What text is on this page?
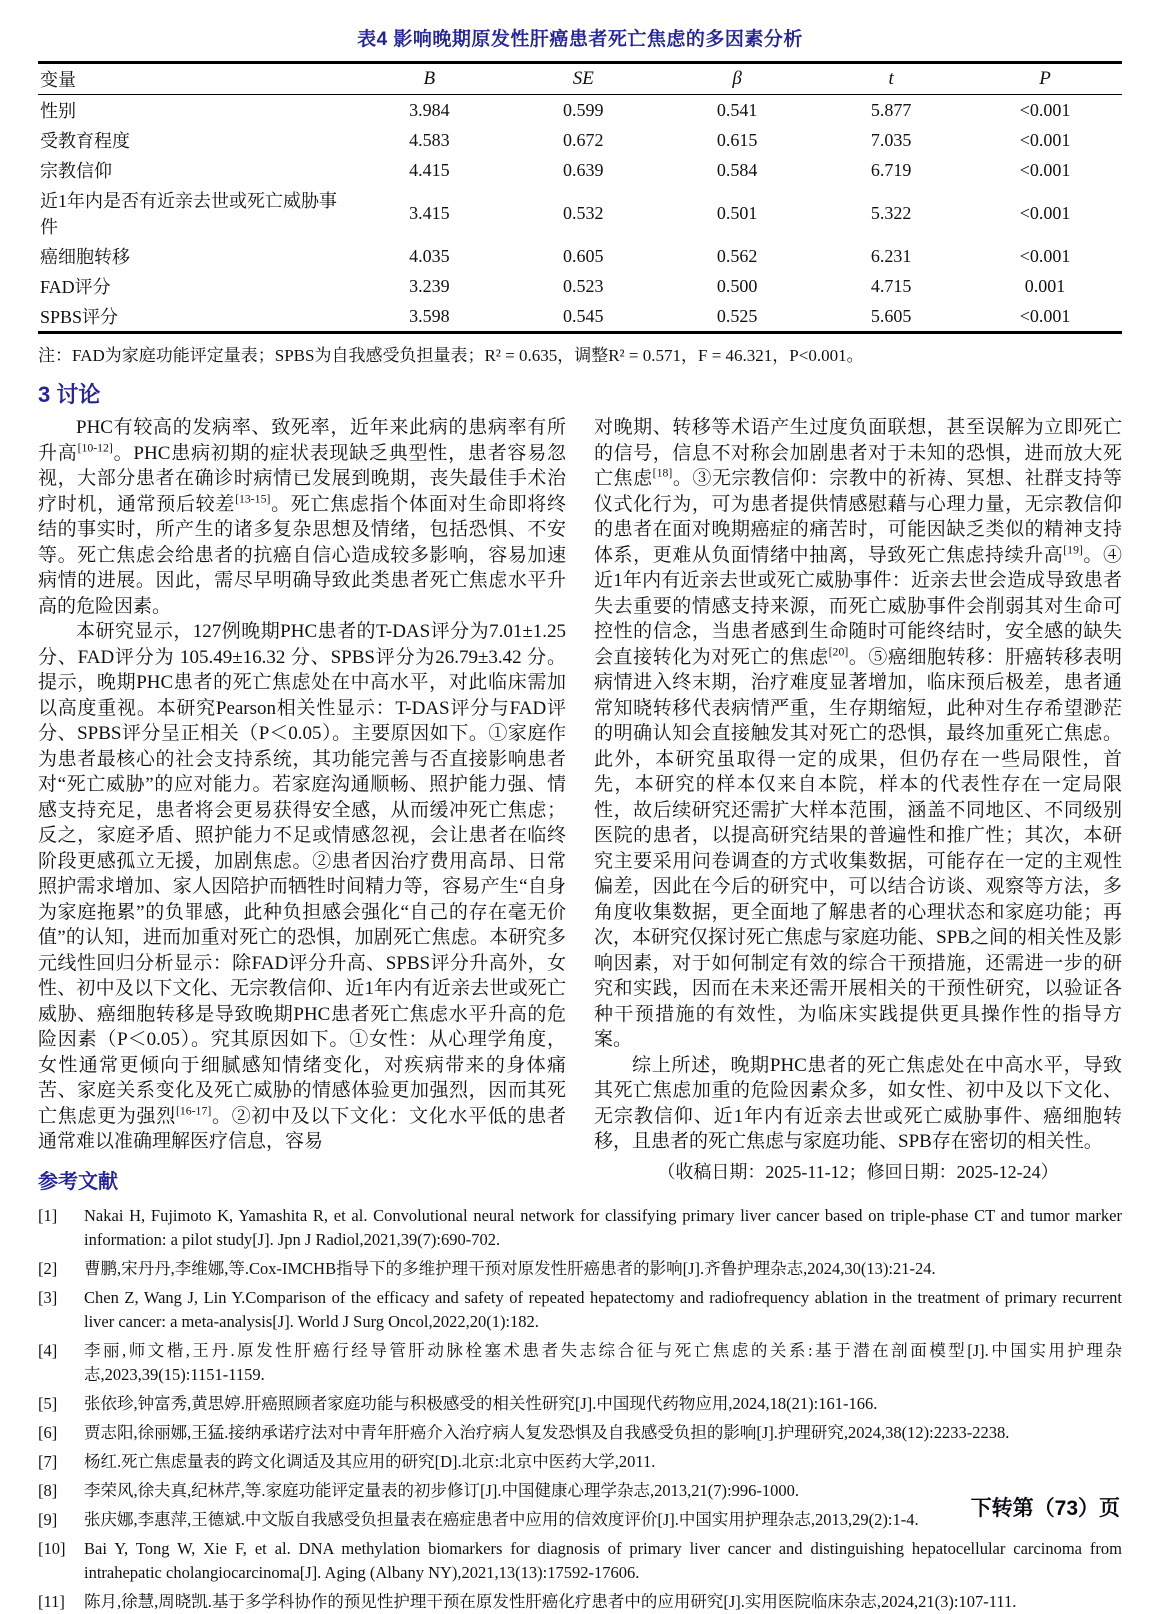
表4 影响晚期原发性肝癌患者死亡焦虑的多因素分析
变量	B	SE	β	t	P
性别	3.984	0.599	0.541	5.877	<0.001
受教育程度	4.583	0.672	0.615	7.035	<0.001
宗教信仰	4.415	0.639	0.584	6.719	<0.001
近1年内是否有近亲去世或死亡威胁事件	3.415	0.532	0.501	5.322	<0.001
癌细胞转移	4.035	0.605	0.562	6.231	<0.001
FAD评分	3.239	0.523	0.500	4.715	0.001
SPBS评分	3.598	0.545	0.525	5.605	<0.001
注：FAD为家庭功能评定量表；SPBS为自我感受负担量表；R² = 0.635，调整R² = 0.571，F = 46.321，P<0.001。
3 讨论

PHC有较高的发病率、致死率，近年来此病的患病率有所升高[10-12]。PHC患病初期的症状表现缺乏典型性，患者容易忽视，大部分患者在确诊时病情已发展到晚期，丧失最佳手术治疗时机，通常预后较差[13-15]。死亡焦虑指个体面对生命即将终结的事实时，所产生的诸多复杂思想及情绪，包括恐惧、不安等。死亡焦虑会给患者的抗癌自信心造成较多影响，容易加速病情的进展。因此，需尽早明确导致此类患者死亡焦虑水平升高的危险因素。

本研究显示，127例晚期PHC患者的T-DAS评分为7.01±1.25 分、FAD评分为 105.49±16.32 分、SPBS评分为26.79±3.42 分。提示，晚期PHC患者的死亡焦虑处在中高水平，对此临床需加以高度重视。本研究Pearson相关性显示：T-DAS评分与FAD评分、SPBS评分呈正相关（P＜0.05）。主要原因如下。①家庭作为患者最核心的社会支持系统，其功能完善与否直接影响患者对“死亡威胁”的应对能力。若家庭沟通顺畅、照护能力强、情感支持充足，患者将会更易获得安全感，从而缓冲死亡焦虑；反之，家庭矛盾、照护能力不足或情感忽视，会让患者在临终阶段更感孤立无援，加剧焦虑。②患者因治疗费用高昂、日常照护需求增加、家人因陪护而牺牲时间精力等，容易产生“自身为家庭拖累”的负罪感，此种负担感会强化“自己的存在毫无价值”的认知，进而加重对死亡的恐惧，加剧死亡焦虑。本研究多元线性回归分析显示：除FAD评分升高、SPBS评分升高外，女性、初中及以下文化、无宗教信仰、近1年内有近亲去世或死亡威胁、癌细胞转移是导致晚期PHC患者死亡焦虑水平升高的危险因素（P＜0.05）。究其原因如下。①女性：从心理学角度，女性通常更倾向于细腻感知情绪变化，对疾病带来的身体痛苦、家庭关系变化及死亡威胁的情感体验更加强烈，因而其死亡焦虑更为强烈[16-17]。②初中及以下文化：文化水平低的患者通常难以准确理解医疗信息，容易

对晚期、转移等术语产生过度负面联想，甚至误解为立即死亡的信号，信息不对称会加剧患者对于未知的恐惧，进而放大死亡焦虑[18]。③无宗教信仰：宗教中的祈祷、冥想、社群支持等仪式化行为，可为患者提供情感慰藉与心理力量，无宗教信仰的患者在面对晚期癌症的痛苦时，可能因缺乏类似的精神支持体系，更难从负面情绪中抽离，导致死亡焦虑持续升高[19]。④近1年内有近亲去世或死亡威胁事件：近亲去世会造成导致患者失去重要的情感支持来源，而死亡威胁事件会削弱其对生命可控性的信念，当患者感到生命随时可能终结时，安全感的缺失会直接转化为对死亡的焦虑[20]。⑤癌细胞转移：肝癌转移表明病情进入终末期，治疗难度显著增加，临床预后极差，患者通常知晓转移代表病情严重，生存期缩短，此种对生存希望渺茫的明确认知会直接触发其对死亡的恐惧，最终加重死亡焦虑。此外，本研究虽取得一定的成果，但仍存在一些局限性，首先，本研究的样本仅来自本院，样本的代表性存在一定局限性，故后续研究还需扩大样本范围，涵盖不同地区、不同级别医院的患者，以提高研究结果的普遍性和推广性；其次，本研究主要采用问卷调查的方式收集数据，可能存在一定的主观性偏差，因此在今后的研究中，可以结合访谈、观察等方法，多角度收集数据，更全面地了解患者的心理状态和家庭功能；再次，本研究仅探讨死亡焦虑与家庭功能、SPB之间的相关性及影响因素，对于如何制定有效的综合干预措施，还需进一步的研究和实践，因而在未来还需开展相关的干预性研究，以验证各种干预措施的有效性，为临床实践提供更具操作性的指导方案。

综上所述，晚期PHC患者的死亡焦虑处在中高水平，导致其死亡焦虑加重的危险因素众多，如女性、初中及以下文化、无宗教信仰、近1年内有近亲去世或死亡威胁事件、癌细胞转移，且患者的死亡焦虑与家庭功能、SPB存在密切的相关性。

（收稿日期：2025-11-12；修回日期：2025-12-24）
参考文献
[1]	Nakai H, Fujimoto K, Yamashita R, et al. Convolutional neural network for classifying primary liver cancer based on triple-phase CT and tumor marker information: a pilot study[J]. Jpn J Radiol,2021,39(7):690-702.
[2]	曹鹏,宋丹丹,李维娜,等.Cox-IMCHB指导下的多维护理干预对原发性肝癌患者的影响[J].齐鲁护理杂志,2024,30(13):21-24.
[3]	Chen Z, Wang J, Lin Y.Comparison of the efficacy and safety of repeated hepatectomy and radiofrequency ablation in the treatment of primary recurrent liver cancer: a meta-analysis[J]. World J Surg Oncol,2022,20(1):182.
[4]	李丽,师文楷,王丹.原发性肝癌行经导管肝动脉栓塞术患者失志综合征与死亡焦虑的关系:基于潜在剖面模型[J].中国实用护理杂志,2023,39(15):1151-1159.
[5]	张依珍,钟富秀,黄思婷.肝癌照顾者家庭功能与积极感受的相关性研究[J].中国现代药物应用,2024,18(21):161-166.
[6]	贾志阳,徐丽娜,王猛.接纳承诺疗法对中青年肝癌介入治疗病人复发恐惧及自我感受负担的影响[J].护理研究,2024,38(12):2233-2238.
[7]	杨红.死亡焦虑量表的跨文化调适及其应用的研究[D].北京:北京中医药大学,2011.
[8]	李荣风,徐夫真,纪林芹,等.家庭功能评定量表的初步修订[J].中国健康心理学杂志,2013,21(7):996-1000.
[9]	张庆娜,李惠萍,王德斌.中文版自我感受负担量表在癌症患者中应用的信效度评价[J].中国实用护理杂志,2013,29(2):1-4.
[10]	Bai Y, Tong W, Xie F, et al. DNA methylation biomarkers for diagnosis of primary liver cancer and distinguishing hepatocellular carcinoma from intrahepatic cholangiocarcinoma[J]. Aging (Albany NY),2021,13(13):17592-17606.
[11]	陈月,徐慧,周晓凯.基于多学科协作的预见性护理干预在原发性肝癌化疗患者中的应用研究[J].实用医院临床杂志,2024,21(3):107-111.
下转第（73）页
